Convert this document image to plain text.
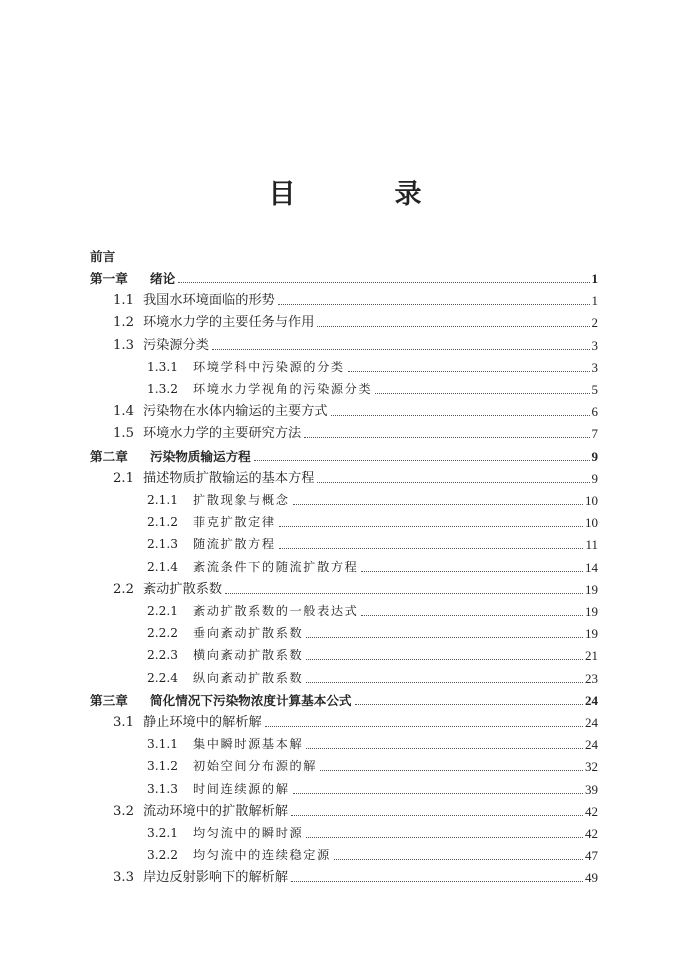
目　录
前言
第一章	绪论	1
1.1 我国水环境面临的形势	1
1.2 环境水力学的主要任务与作用	2
1.3 污染源分类	3
1.3.1	环境学科中污染源的分类	3
1.3.2	环境水力学视角的污染源分类	5
1.4 污染物在水体内输运的主要方式	6
1.5 环境水力学的主要研究方法	7
第二章	污染物质输运方程	9
2.1 描述物质扩散输运的基本方程	9
2.1.1	扩散现象与概念	10
2.1.2	菲克扩散定律	10
2.1.3	随流扩散方程	11
2.1.4	紊流条件下的随流扩散方程	14
2.2 紊动扩散系数	19
2.2.1	紊动扩散系数的一般表达式	19
2.2.2	垂向紊动扩散系数	19
2.2.3	横向紊动扩散系数	21
2.2.4	纵向紊动扩散系数	23
第三章	简化情况下污染物浓度计算基本公式	24
3.1 静止环境中的解析解	24
3.1.1	集中瞬时源基本解	24
3.1.2	初始空间分布源的解	32
3.1.3	时间连续源的解	39
3.2 流动环境中的扩散解析解	42
3.2.1	均匀流中的瞬时源	42
3.2.2	均匀流中的连续稳定源	47
3.3 岸边反射影响下的解析解	49
